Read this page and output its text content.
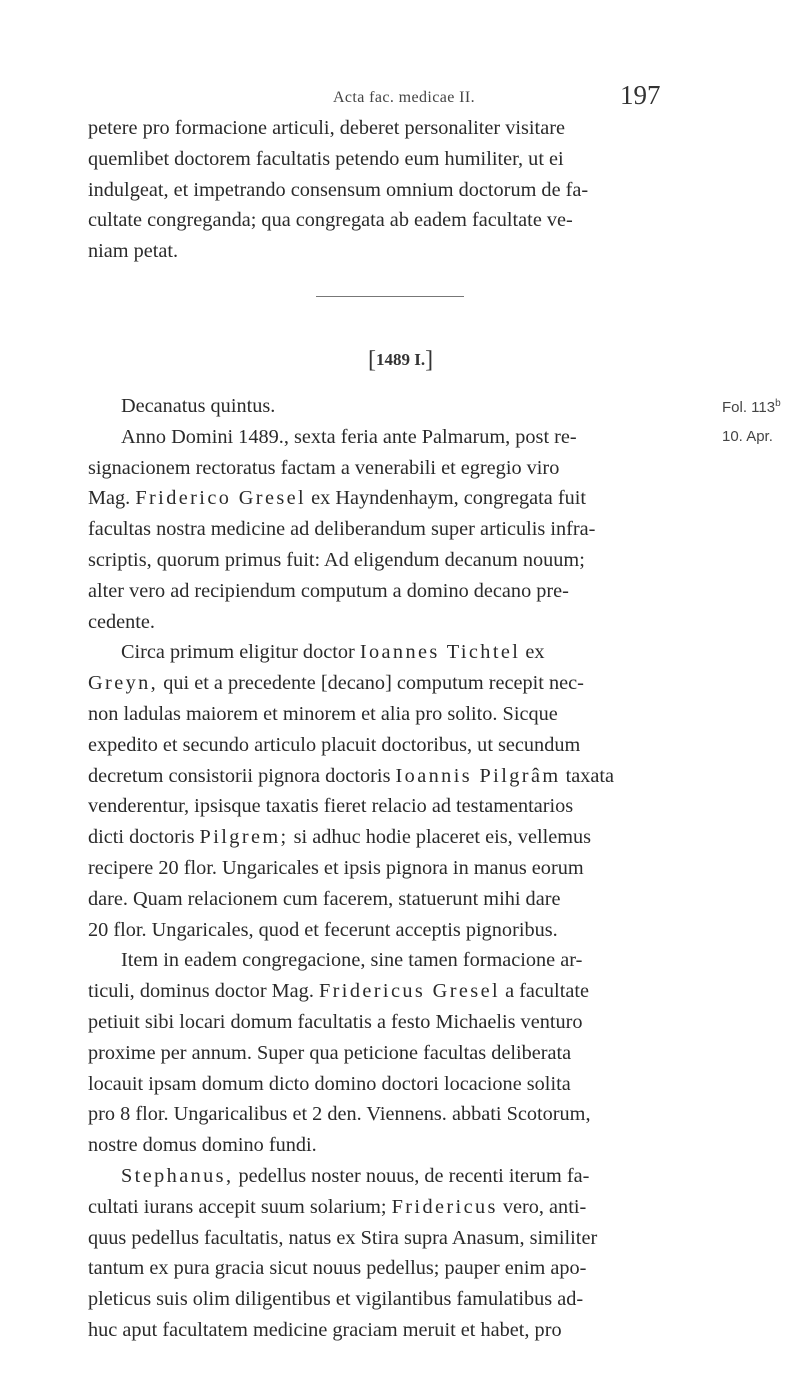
Acta fac. medicae II.	197
petere pro formacione articuli, deberet personaliter visitare
quemlibet doctorem facultatis petendo eum humiliter, ut ei
indulgeat, et impetrando consensum omnium doctorum de fa-
cultate congreganda; qua congregata ab eadem facultate ve-
niam petat.
[1489 I.]
Fol. 113$^b$
10. Apr.
Decanatus quintus.
Anno Domini 1489., sexta feria ante Palmarum, post re-
signacionem rectoratus factam a venerabili et egregio viro
Mag. Friderico Gresel ex Hayndenhaym, congregata fuit
facultas nostra medicine ad deliberandum super articulis infra-
scriptis, quorum primus fuit: Ad eligendum decanum nouum;
alter vero ad recipiendum computum a domino decano pre-
cedente.
Circa primum eligitur doctor Ioannes Tichtel ex
Greyn, qui et a precedente [decano] computum recepit nec-
non ladulas maiorem et minorem et alia pro solito. Sicque
expedito et secundo articulo placuit doctoribus, ut secundum
decretum consistorii pignora doctoris Ioannis Pilgrâm taxata
venderentur, ipsisque taxatis fieret relacio ad testamentarios
dicti doctoris Pilgrem; si adhuc hodie placeret eis, vellemus
recipere 20 flor. Ungaricales et ipsis pignora in manus eorum
dare. Quam relacionem cum facerem, statuerunt mihi dare
20 flor. Ungaricales, quod et fecerunt acceptis pignoribus.
Item in eadem congregacione, sine tamen formacione ar-
ticuli, dominus doctor Mag. Fridericus Gresel a facultate
petiuit sibi locari domum facultatis a festo Michaelis venturo
proxime per annum. Super qua peticione facultas deliberata
locauit ipsam domum dicto domino doctori locacione solita
pro 8 flor. Ungaricalibus et 2 den. Viennens. abbati Scotorum,
nostre domus domino fundi.
Stephanus, pedellus noster nouus, de recenti iterum fa-
cultati iurans accepit suum solarium; Fridericus vero, anti-
quus pedellus facultatis, natus ex Stira supra Anasum, similiter
tantum ex pura gracia sicut nouus pedellus; pauper enim apo-
pleticus suis olim diligentibus et vigilantibus famulatibus ad-
huc aput facultatem medicine graciam meruit et habet, pro
